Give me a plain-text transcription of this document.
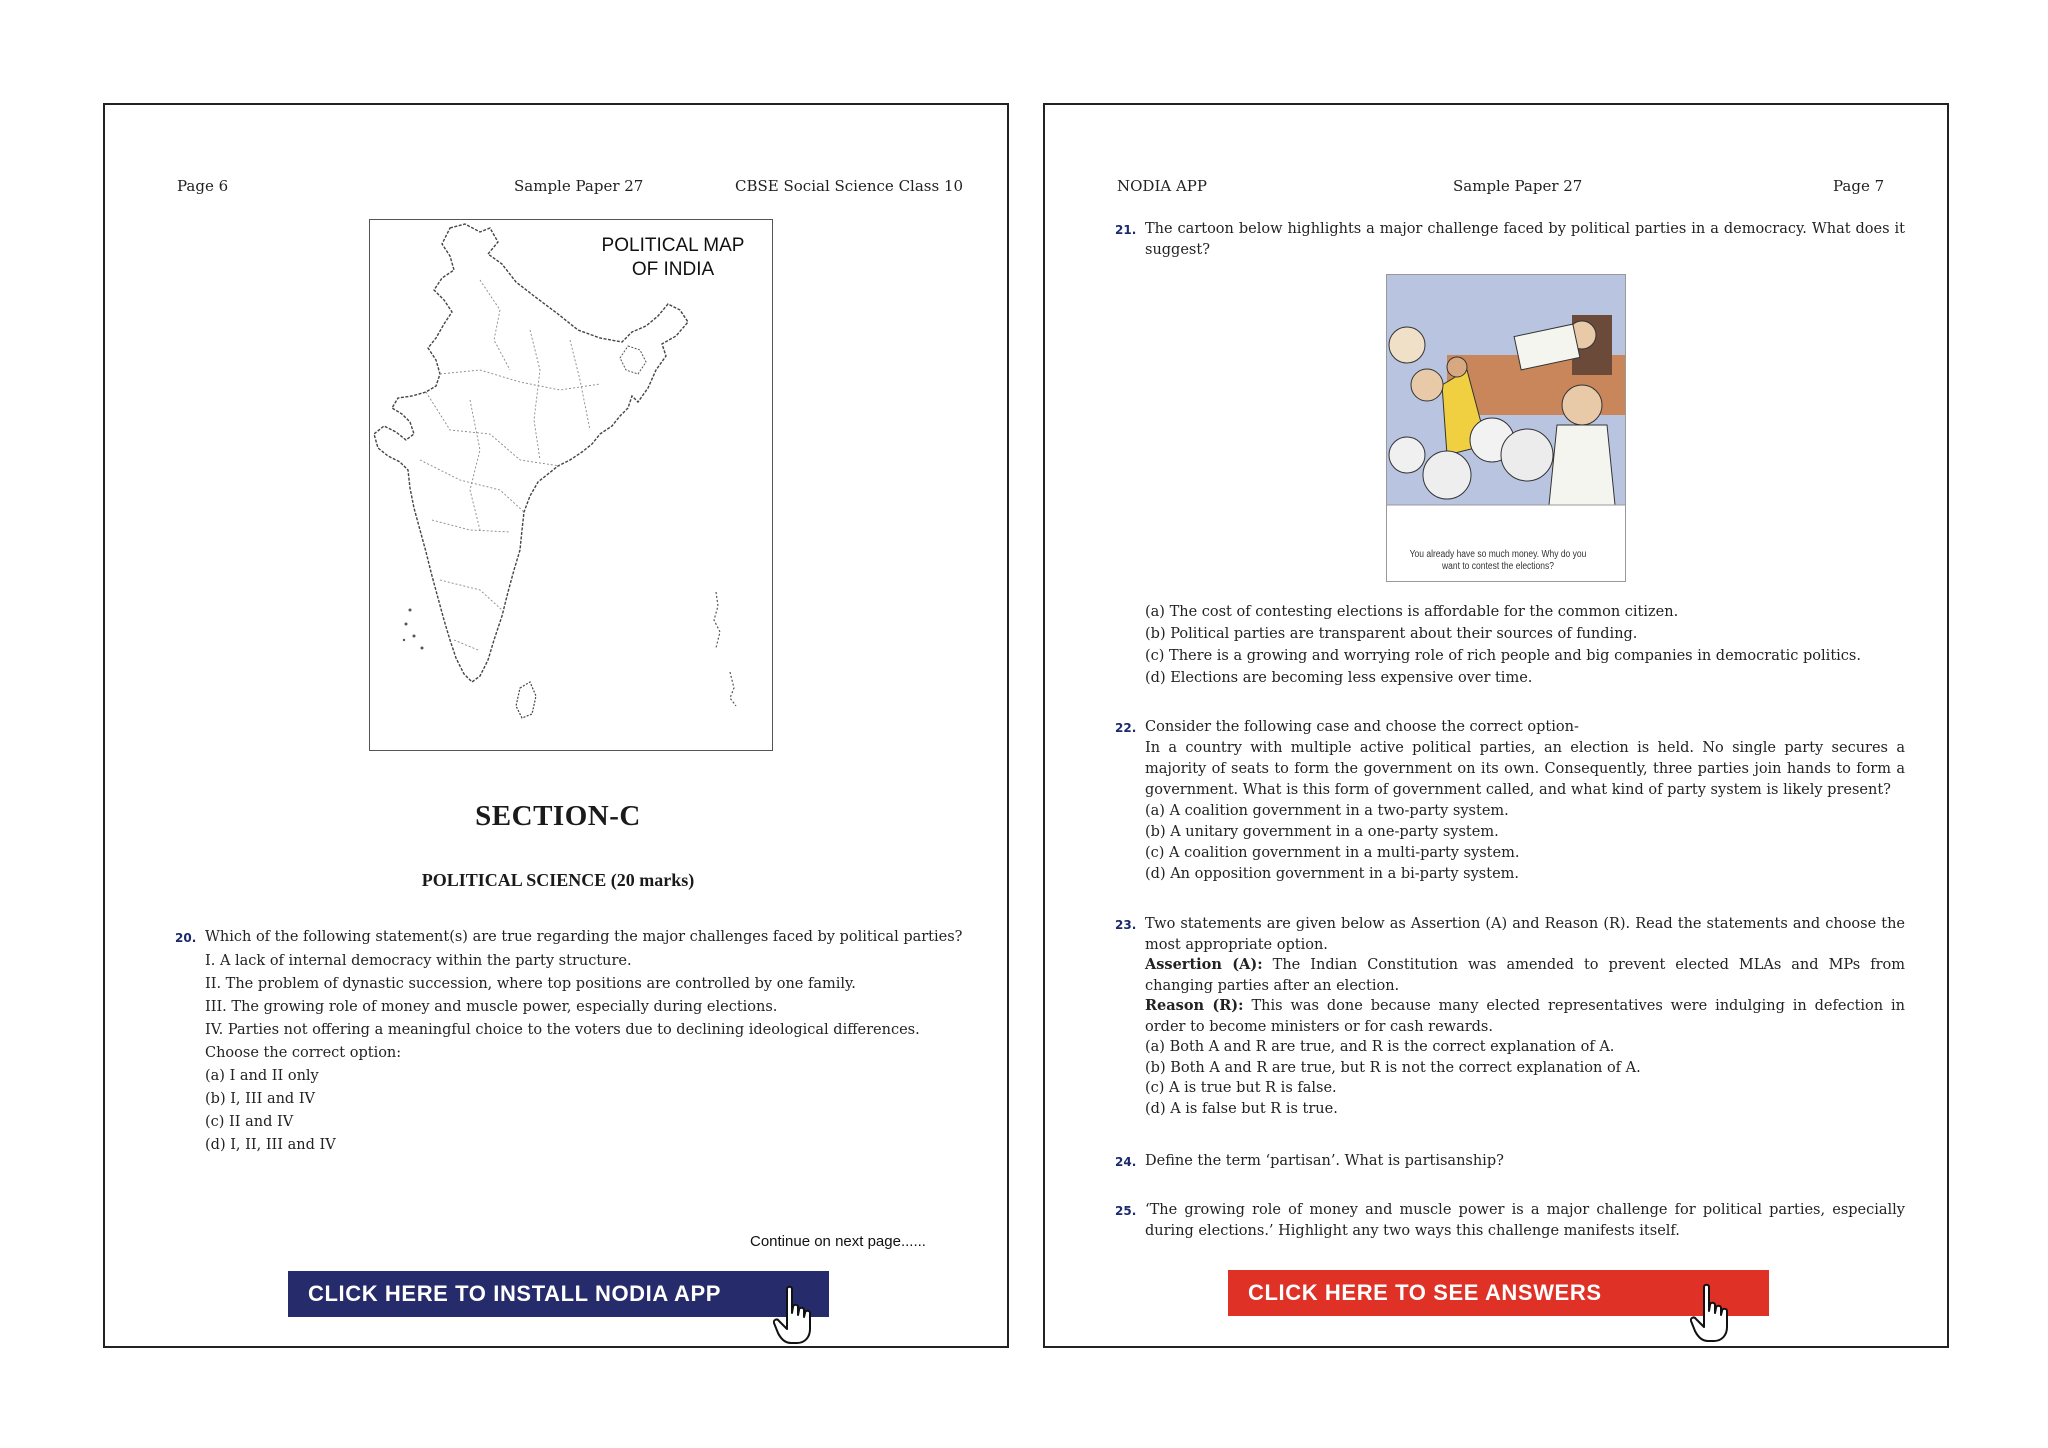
Page 6	Sample Paper 27	CBSE Social Science Class 10
POLITICAL MAP OF INDIA
SECTION-C
POLITICAL SCIENCE (20 marks)
20. Which of the following statement(s) are true regarding the major challenges faced by political parties?
I. A lack of internal democracy within the party structure.
II. The problem of dynastic succession, where top positions are controlled by one family.
III. The growing role of money and muscle power, especially during elections.
IV. Parties not offering a meaningful choice to the voters due to declining ideological differences.
Choose the correct option:
(a) I and II only
(b) I, III and IV
(c) II and IV
(d) I, II, III and IV
Continue on next page......
CLICK HERE TO INSTALL NODIA APP
NODIA APP	Sample Paper 27	Page 7
21. The cartoon below highlights a major challenge faced by political parties in a democracy. What does it suggest?
You already have so much money. Why do you want to contest the elections?
(a) The cost of contesting elections is affordable for the common citizen.
(b) Political parties are transparent about their sources of funding.
(c) There is a growing and worrying role of rich people and big companies in democratic politics.
(d) Elections are becoming less expensive over time.
22. Consider the following case and choose the correct option-
In a country with multiple active political parties, an election is held. No single party secures a majority of seats to form the government on its own. Consequently, three parties join hands to form a government. What is this form of government called, and what kind of party system is likely present?
(a) A coalition government in a two-party system.
(b) A unitary government in a one-party system.
(c) A coalition government in a multi-party system.
(d) An opposition government in a bi-party system.
23. Two statements are given below as Assertion (A) and Reason (R). Read the statements and choose the most appropriate option.
Assertion (A): The Indian Constitution was amended to prevent elected MLAs and MPs from changing parties after an election.
Reason (R): This was done because many elected representatives were indulging in defection in order to become ministers or for cash rewards.
(a) Both A and R are true, and R is the correct explanation of A.
(b) Both A and R are true, but R is not the correct explanation of A.
(c) A is true but R is false.
(d) A is false but R is true.
24. Define the term ‘partisan’. What is partisanship?
25. ‘The growing role of money and muscle power is a major challenge for political parties, especially during elections.’ Highlight any two ways this challenge manifests itself.
CLICK HERE TO SEE ANSWERS
